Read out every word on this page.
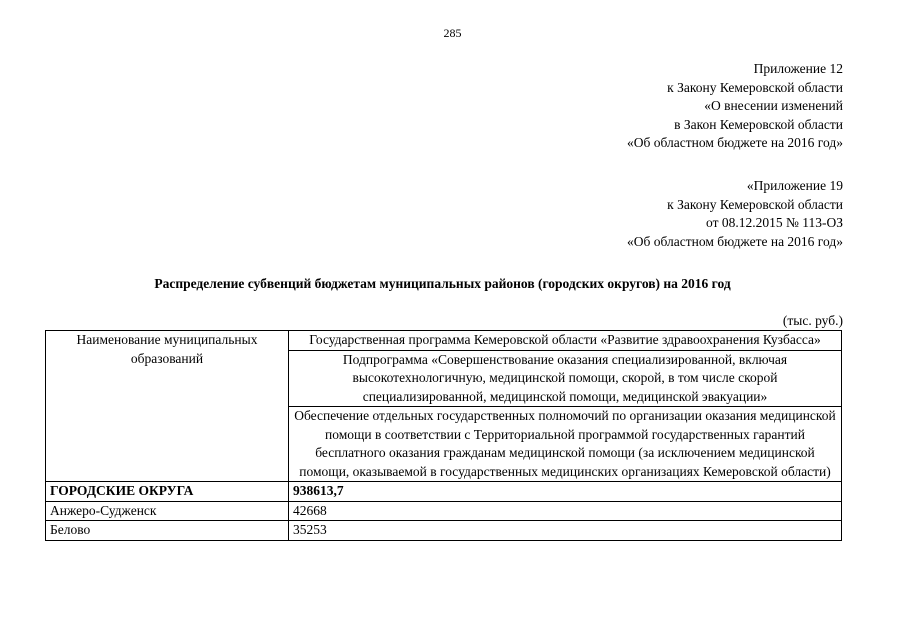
285
Приложение 12
к Закону Кемеровской области
«О внесении изменений
в Закон Кемеровской области
«Об областном бюджете на 2016 год»
«Приложение 19
к Закону Кемеровской области
от 08.12.2015 № 113-ОЗ
«Об областном бюджете на 2016 год»
Распределение субвенций бюджетам муниципальных районов (городских округов) на 2016 год
(тыс. руб.)
Наименование муниципальных образований	Государственная программа Кемеровской области «Развитие здравоохранения Кузбасса»
	Подпрограмма «Совершенствование оказания специализированной, включая высокотехнологичную, медицинской помощи, скорой, в том числе скорой специализированной, медицинской помощи, медицинской эвакуации»
	Обеспечение отдельных государственных полномочий по организации оказания медицинской помощи в соответствии с Территориальной программой государственных гарантий бесплатного оказания гражданам медицинской помощи (за исключением медицинской помощи, оказываемой в государственных медицинских организациях Кемеровской области)
ГОРОДСКИЕ ОКРУГА	938613,7
Анжеро-Судженск	42668
Белово	35253
